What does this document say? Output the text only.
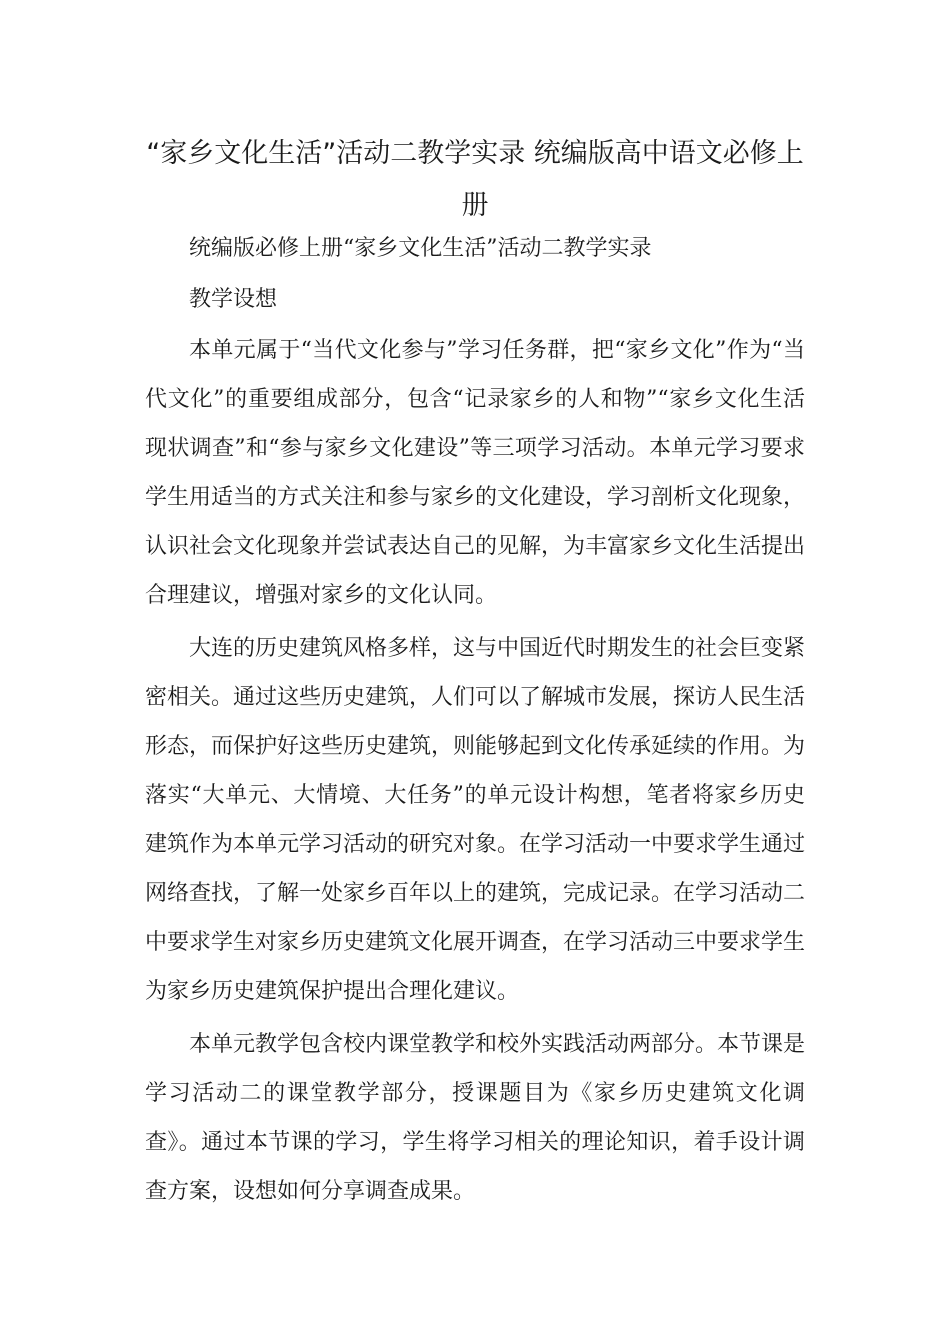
“家乡文化生活”活动二教学实录 统编版高中语文必修上册

统编版必修上册“家乡文化生活”活动二教学实录

教学设想

本单元属于“当代文化参与”学习任务群，把“家乡文化”作为“当代文化”的重要组成部分，包含“记录家乡的人和物”“家乡文化生活现状调查”和“参与家乡文化建设”等三项学习活动。本单元学习要求学生用适当的方式关注和参与家乡的文化建设，学习剖析文化现象，认识社会文化现象并尝试表达自己的见解，为丰富家乡文化生活提出合理建议，增强对家乡的文化认同。

大连的历史建筑风格多样，这与中国近代时期发生的社会巨变紧密相关。通过这些历史建筑，人们可以了解城市发展，探访人民生活形态，而保护好这些历史建筑，则能够起到文化传承延续的作用。为落实“大单元、大情境、大任务”的单元设计构想，笔者将家乡历史建筑作为本单元学习活动的研究对象。在学习活动一中要求学生通过网络查找，了解一处家乡百年以上的建筑，完成记录。在学习活动二中要求学生对家乡历史建筑文化展开调查，在学习活动三中要求学生为家乡历史建筑保护提出合理化建议。

本单元教学包含校内课堂教学和校外实践活动两部分。本节课是学习活动二的课堂教学部分，授课题目为《家乡历史建筑文化调查》。通过本节课的学习，学生将学习相关的理论知识，着手设计调查方案，设想如何分享调查成果。
